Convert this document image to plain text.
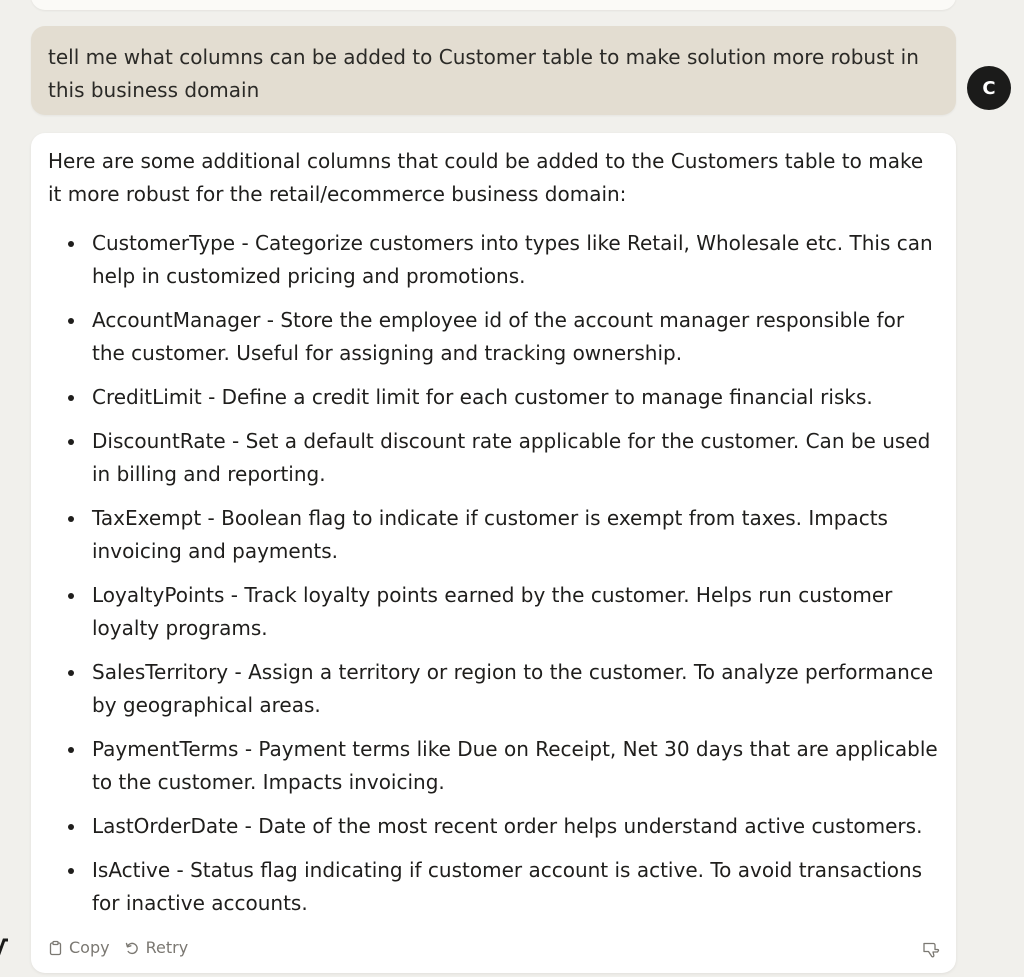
tell me what columns can be added to Customer table to make solution more robust in this business domain	C

Here are some additional columns that could be added to the Customers table to make it more robust for the retail/ecommerce business domain:

CustomerType - Categorize customers into types like Retail, Wholesale etc. This can help in customized pricing and promotions.
AccountManager - Store the employee id of the account manager responsible for the customer. Useful for assigning and tracking ownership.
CreditLimit - Define a credit limit for each customer to manage financial risks.
DiscountRate - Set a default discount rate applicable for the customer. Can be used in billing and reporting.
TaxExempt - Boolean flag to indicate if customer is exempt from taxes. Impacts invoicing and payments.
LoyaltyPoints - Track loyalty points earned by the customer. Helps run customer loyalty programs.
SalesTerritory - Assign a territory or region to the customer. To analyze performance by geographical areas.
PaymentTerms - Payment terms like Due on Receipt, Net 30 days that are applicable to the customer. Impacts invoicing.
LastOrderDate - Date of the most recent order helps understand active customers.
IsActive - Status flag indicating if customer account is active. To avoid transactions for inactive accounts.
Copy Retry
